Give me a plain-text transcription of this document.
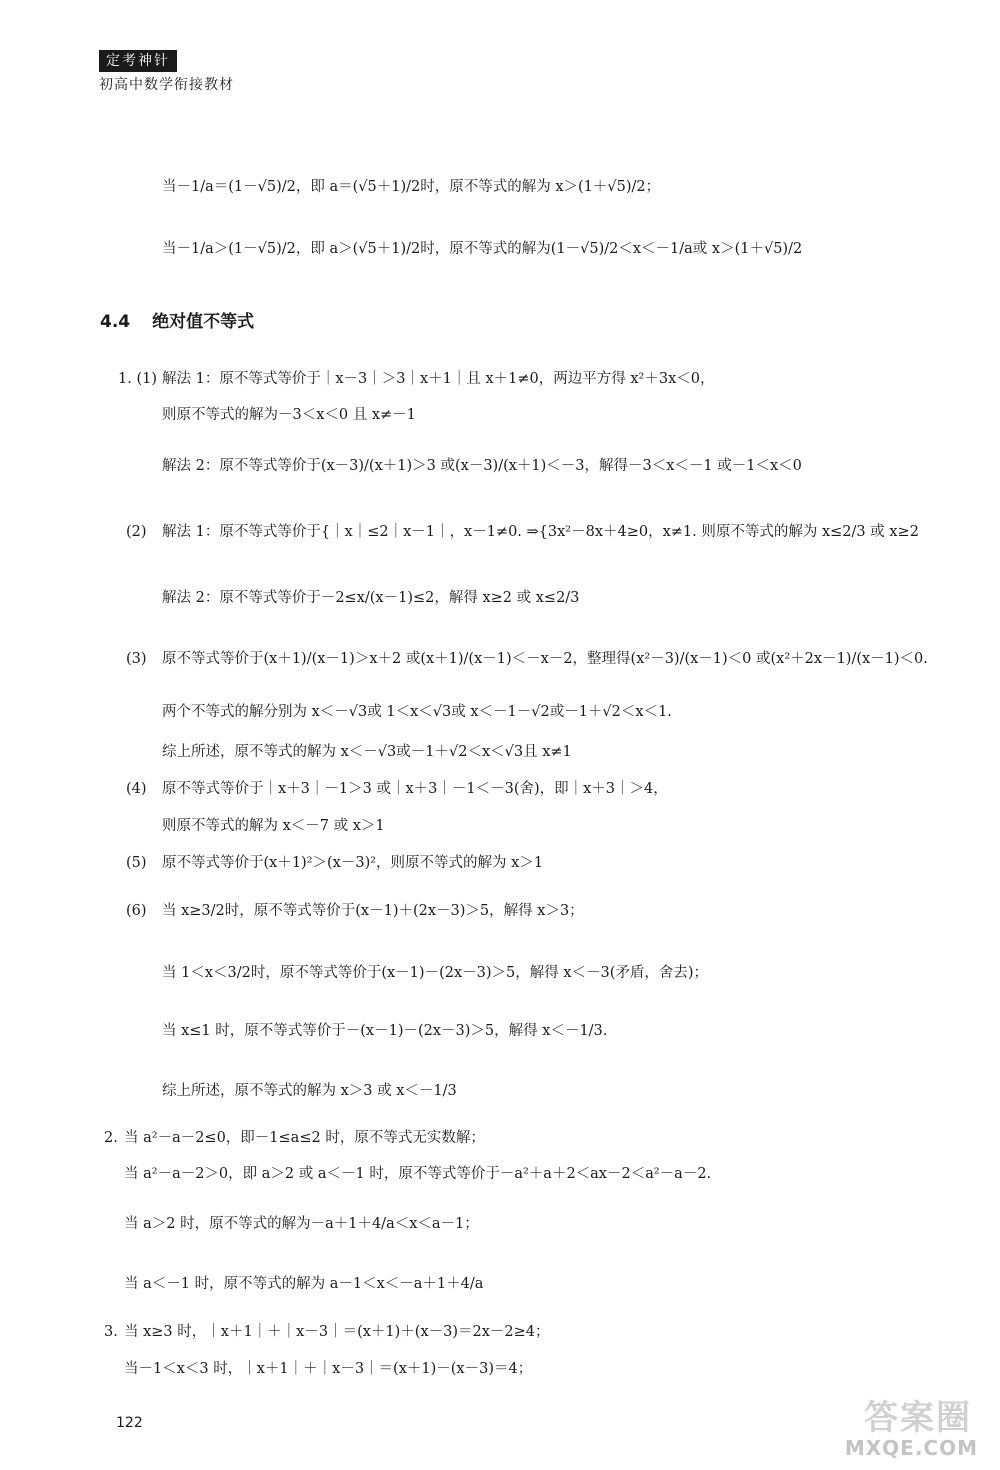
定考神针
初高中数学衔接教材
当－1/a＝(1－√5)/2，即 a＝(√5＋1)/2时，原不等式的解为 x＞(1＋√5)/2；
当－1/a＞(1－√5)/2，即 a＞(√5＋1)/2时，原不等式的解为(1－√5)/2＜x＜－1/a或 x＞(1＋√5)/2
4.4 绝对值不等式
1. (1) 解法 1：原不等式等价于｜x－3｜＞3｜x＋1｜且 x＋1≠0，两边平方得 x²＋3x＜0，
则原不等式的解为－3＜x＜0 且 x≠－1
解法 2：原不等式等价于(x－3)/(x＋1)＞3 或(x－3)/(x＋1)＜－3，解得－3＜x＜－1 或－1＜x＜0
(2) 解法 1：原不等式等价于{｜x｜≤2｜x－1｜，x－1≠0. ⇒{3x²－8x＋4≥0，x≠1. 则原不等式的解为 x≤2/3 或 x≥2
解法 2：原不等式等价于－2≤x/(x－1)≤2，解得 x≥2 或 x≤2/3
(3) 原不等式等价于(x＋1)/(x－1)＞x＋2 或(x＋1)/(x－1)＜－x－2，整理得(x²－3)/(x－1)＜0 或(x²＋2x－1)/(x－1)＜0.
两个不等式的解分别为 x＜－√3或 1＜x＜√3或 x＜－1－√2或－1＋√2＜x＜1.
综上所述，原不等式的解为 x＜－√3或－1＋√2＜x＜√3且 x≠1
(4) 原不等式等价于｜x＋3｜－1＞3 或｜x＋3｜－1＜－3(舍)，即｜x＋3｜＞4，
则原不等式的解为 x＜－7 或 x＞1
(5) 原不等式等价于(x＋1)²＞(x－3)²，则原不等式的解为 x＞1
(6) 当 x≥3/2时，原不等式等价于(x－1)＋(2x－3)＞5，解得 x＞3；
当 1＜x＜3/2时，原不等式等价于(x－1)－(2x－3)＞5，解得 x＜－3(矛盾，舍去)；
当 x≤1 时，原不等式等价于－(x－1)－(2x－3)＞5，解得 x＜－1/3.
综上所述，原不等式的解为 x＞3 或 x＜－1/3
2. 当 a²－a－2≤0，即－1≤a≤2 时，原不等式无实数解；
当 a²－a－2＞0，即 a＞2 或 a＜－1 时，原不等式等价于－a²＋a＋2＜ax－2＜a²－a－2.
当 a＞2 时，原不等式的解为－a＋1＋4/a＜x＜a－1；
当 a＜－1 时，原不等式的解为 a－1＜x＜－a＋1＋4/a
3. 当 x≥3 时，｜x＋1｜＋｜x－3｜＝(x＋1)＋(x－3)＝2x－2≥4；
当－1＜x＜3 时，｜x＋1｜＋｜x－3｜＝(x＋1)－(x－3)＝4；
122	答案圈
MXQE.COM
